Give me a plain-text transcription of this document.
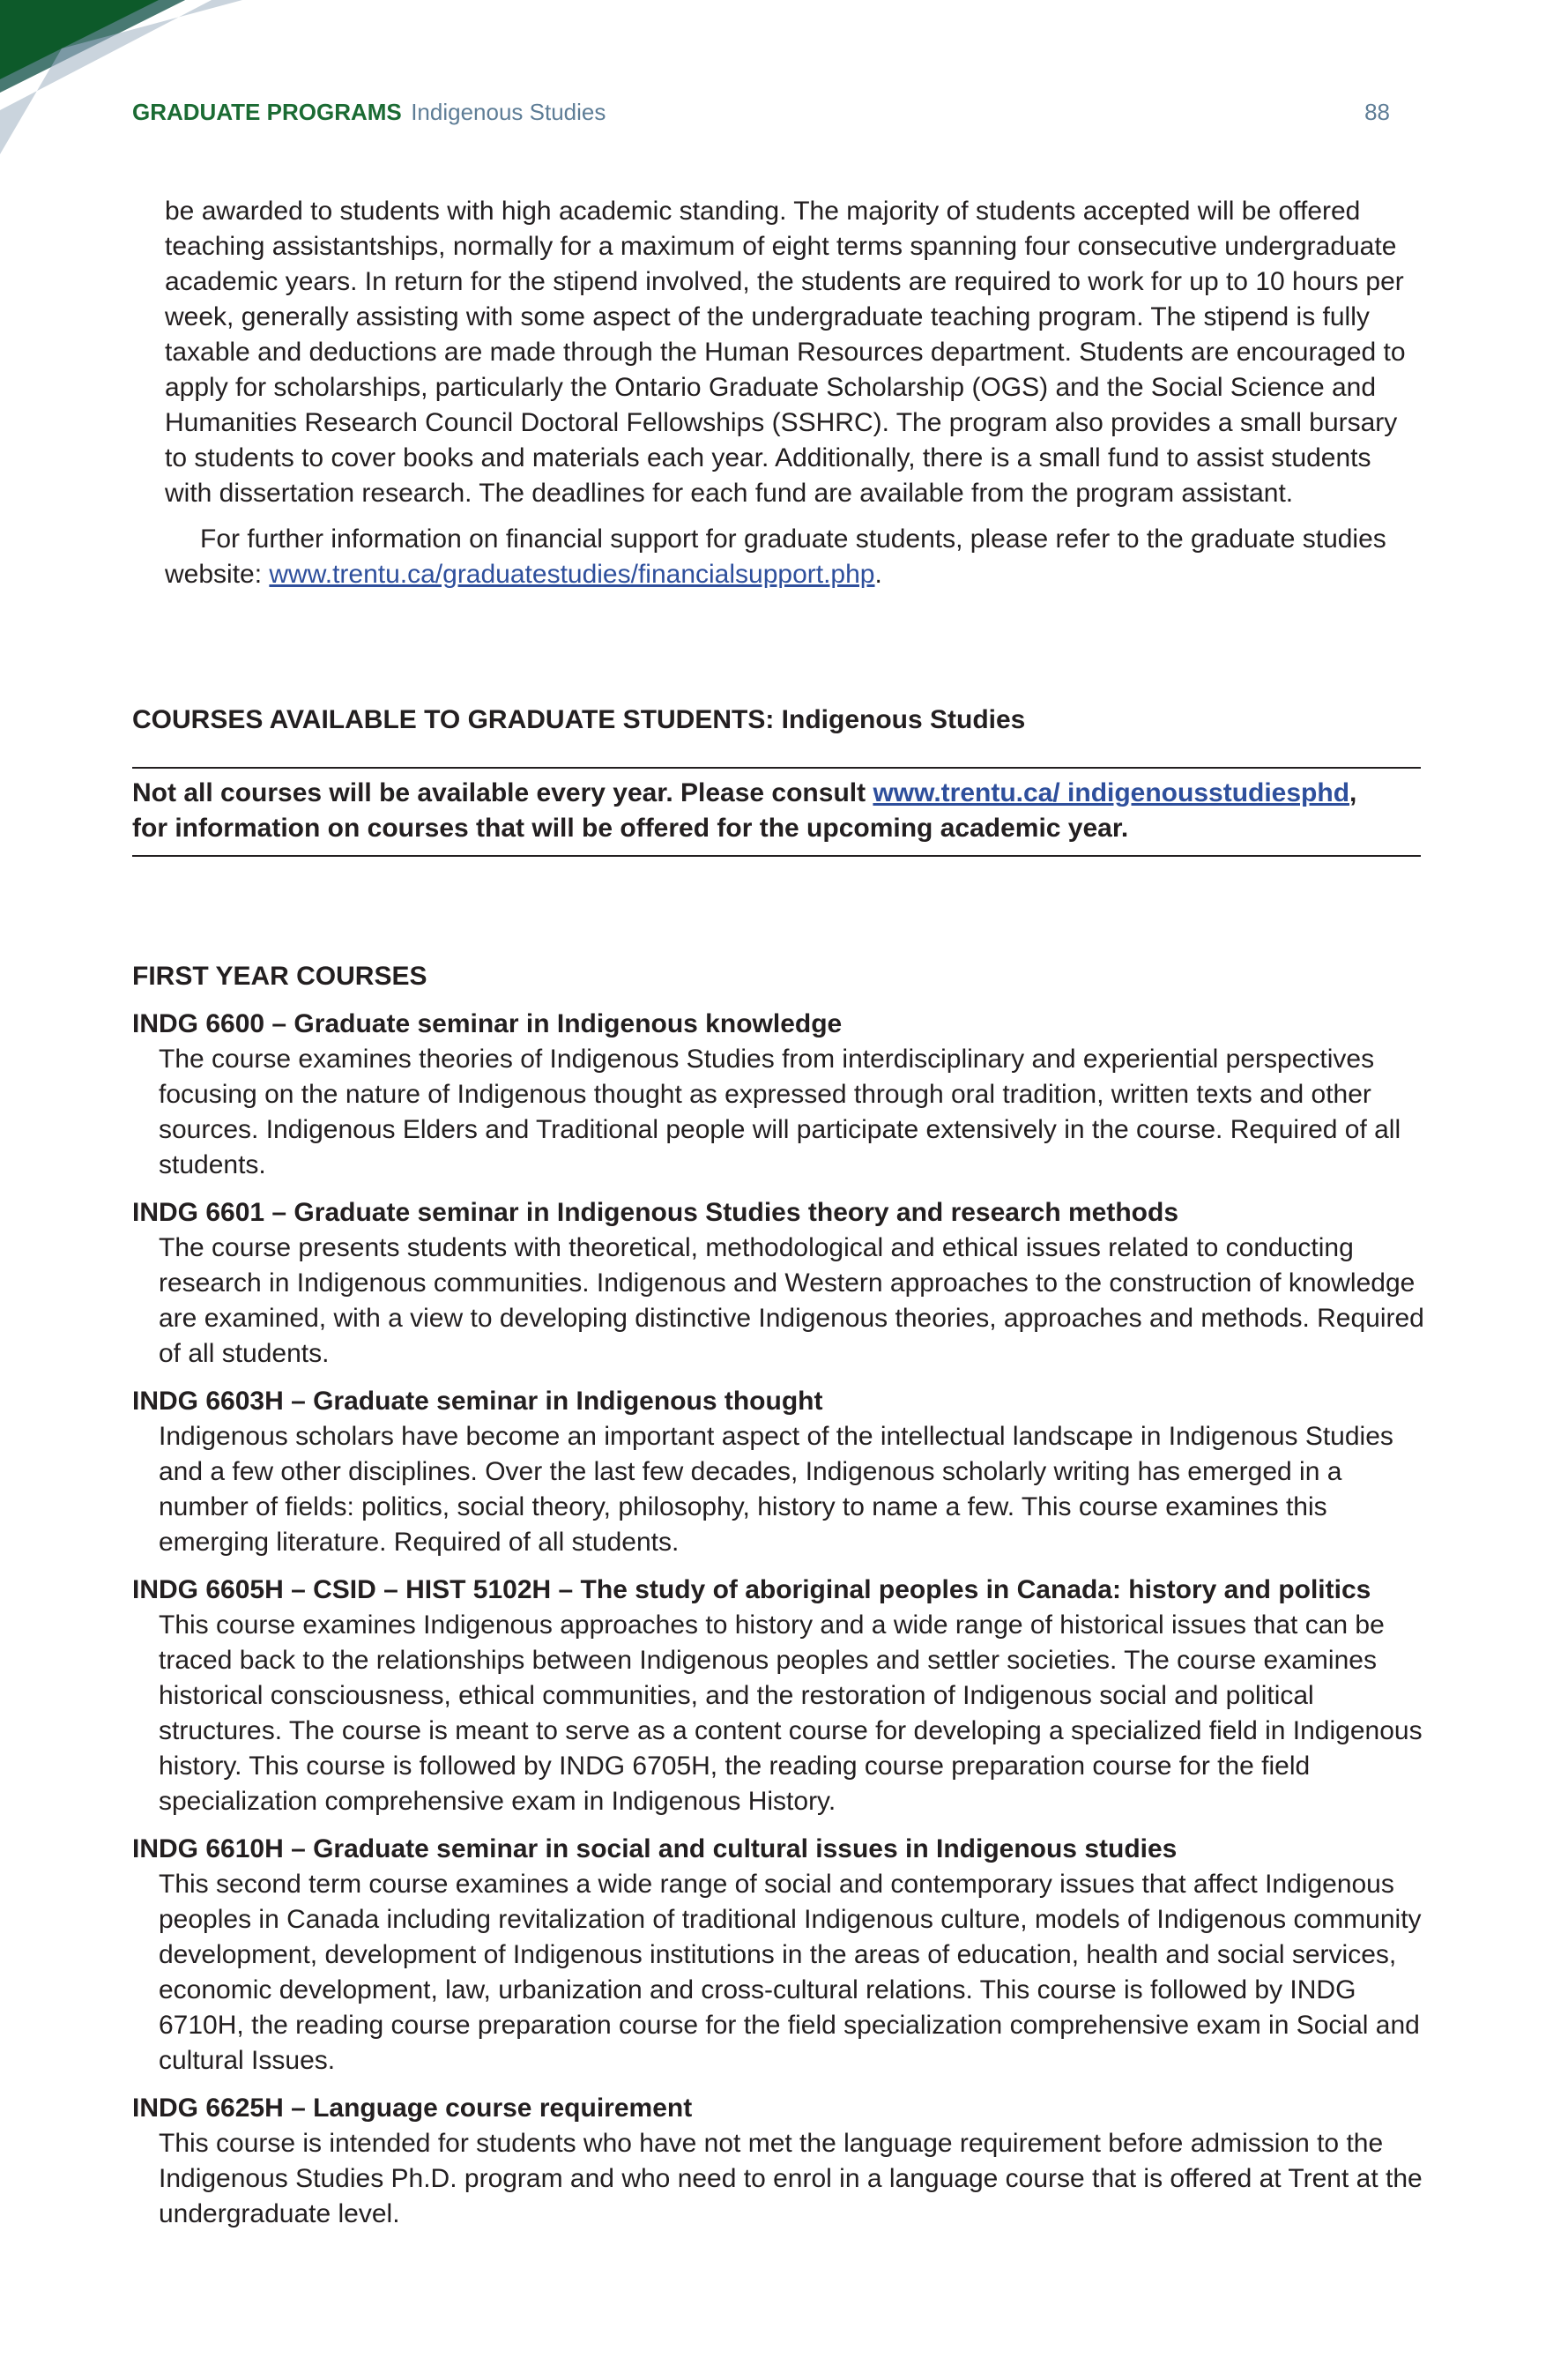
GRADUATE PROGRAMS Indigenous Studies	88

be awarded to students with high academic standing. The majority of students accepted will be offered teaching assistantships, normally for a maximum of eight terms spanning four consecutive undergraduate academic years. In return for the stipend involved, the students are required to work for up to 10 hours per week, generally assisting with some aspect of the undergraduate teaching program. The stipend is fully taxable and deductions are made through the Human Resources department. Students are encouraged to apply for scholarships, particularly the Ontario Graduate Scholarship (OGS) and the Social Science and Humanities Research Council Doctoral Fellowships (SSHRC). The program also provides a small bursary to students to cover books and materials each year. Additionally, there is a small fund to assist students with dissertation research. The deadlines for each fund are available from the program assistant.

For further information on financial support for graduate students, please refer to the graduate studies website: www.trentu.ca/graduatestudies/financialsupport.php.

COURSES AVAILABLE TO GRADUATE STUDENTS: Indigenous Studies
Not all courses will be available every year. Please consult www.trentu.ca/ indigenousstudiesphd, for information on courses that will be offered for the upcoming academic year.
FIRST YEAR COURSES
INDG 6600 – Graduate seminar in Indigenous knowledge
The course examines theories of Indigenous Studies from interdisciplinary and experiential perspectives focusing on the nature of Indigenous thought as expressed through oral tradition, written texts and other sources. Indigenous Elders and Traditional people will participate extensively in the course. Required of all students.
INDG 6601 – Graduate seminar in Indigenous Studies theory and research methods
The course presents students with theoretical, methodological and ethical issues related to conducting research in Indigenous communities. Indigenous and Western approaches to the construction of knowledge are examined, with a view to developing distinctive Indigenous theories, approaches and methods. Required of all students.
INDG 6603H – Graduate seminar in Indigenous thought
Indigenous scholars have become an important aspect of the intellectual landscape in Indigenous Studies and a few other disciplines. Over the last few decades, Indigenous scholarly writing has emerged in a number of fields: politics, social theory, philosophy, history to name a few. This course examines this emerging literature. Required of all students.
INDG 6605H – CSID – HIST 5102H – The study of aboriginal peoples in Canada: history and politics
This course examines Indigenous approaches to history and a wide range of historical issues that can be traced back to the relationships between Indigenous peoples and settler societies. The course examines historical consciousness, ethical communities, and the restoration of Indigenous social and political structures. The course is meant to serve as a content course for developing a specialized field in Indigenous history. This course is followed by INDG 6705H, the reading course preparation course for the field specialization comprehensive exam in Indigenous History.
INDG 6610H – Graduate seminar in social and cultural issues in Indigenous studies
This second term course examines a wide range of social and contemporary issues that affect Indigenous peoples in Canada including revitalization of traditional Indigenous culture, models of Indigenous community development, development of Indigenous institutions in the areas of education, health and social services, economic development, law, urbanization and cross-cultural relations. This course is followed by INDG 6710H, the reading course preparation course for the field specialization comprehensive exam in Social and cultural Issues.
INDG 6625H – Language course requirement
This course is intended for students who have not met the language requirement before admission to the Indigenous Studies Ph.D. program and who need to enrol in a language course that is offered at Trent at the undergraduate level.
